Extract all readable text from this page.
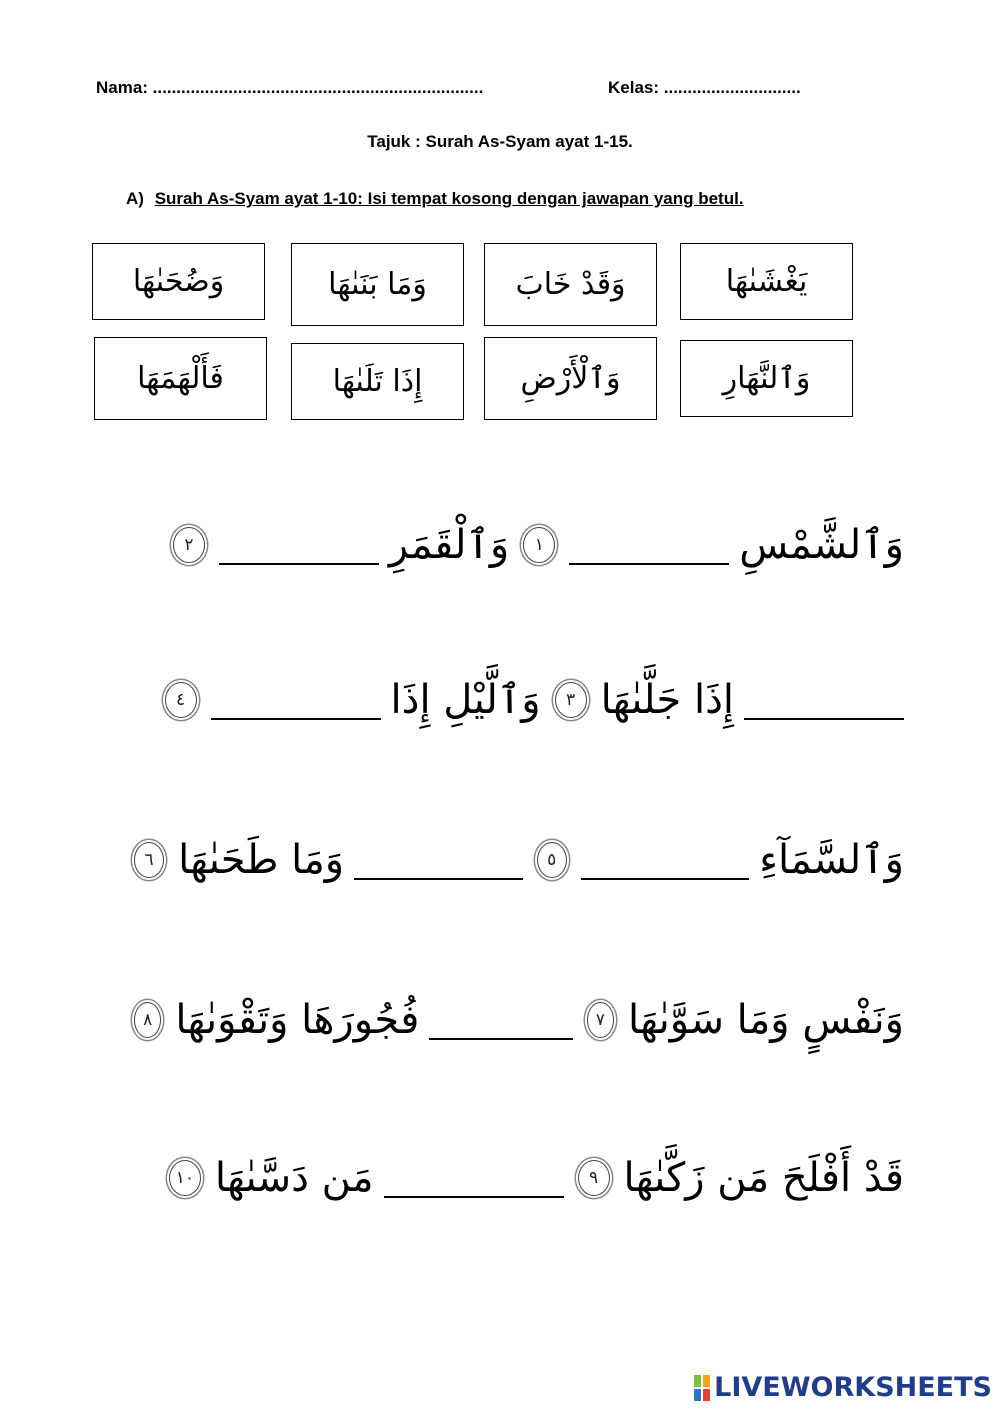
Nama: ......................................................................	Kelas: .............................
Tajuk : Surah As-Syam ayat 1-15.
A) Surah As-Syam ayat 1-10: Isi tempat kosong dengan jawapan yang betul.
وَضُحَىٰهَا	وَمَا بَنَىٰهَا	وَقَدْ خَابَ	يَغْشَىٰهَا
فَأَلْهَمَهَا	إِذَا تَلَىٰهَا	وَٱلْأَرْضِ	وَٱلنَّهَارِ
وَٱلشَّمْسِ
١
وَٱلْقَمَرِ
٢
إِذَا جَلَّىٰهَا
٣
وَٱلَّيْلِ إِذَا
٤
وَٱلسَّمَآءِ
٥
وَمَا طَحَىٰهَا
٦
وَنَفْسٍ وَمَا سَوَّىٰهَا
٧
فُجُورَهَا وَتَقْوَىٰهَا
٨
قَدْ أَفْلَحَ مَن زَكَّىٰهَا
٩
مَن دَسَّىٰهَا
١٠
LIVEWORKSHEETS
